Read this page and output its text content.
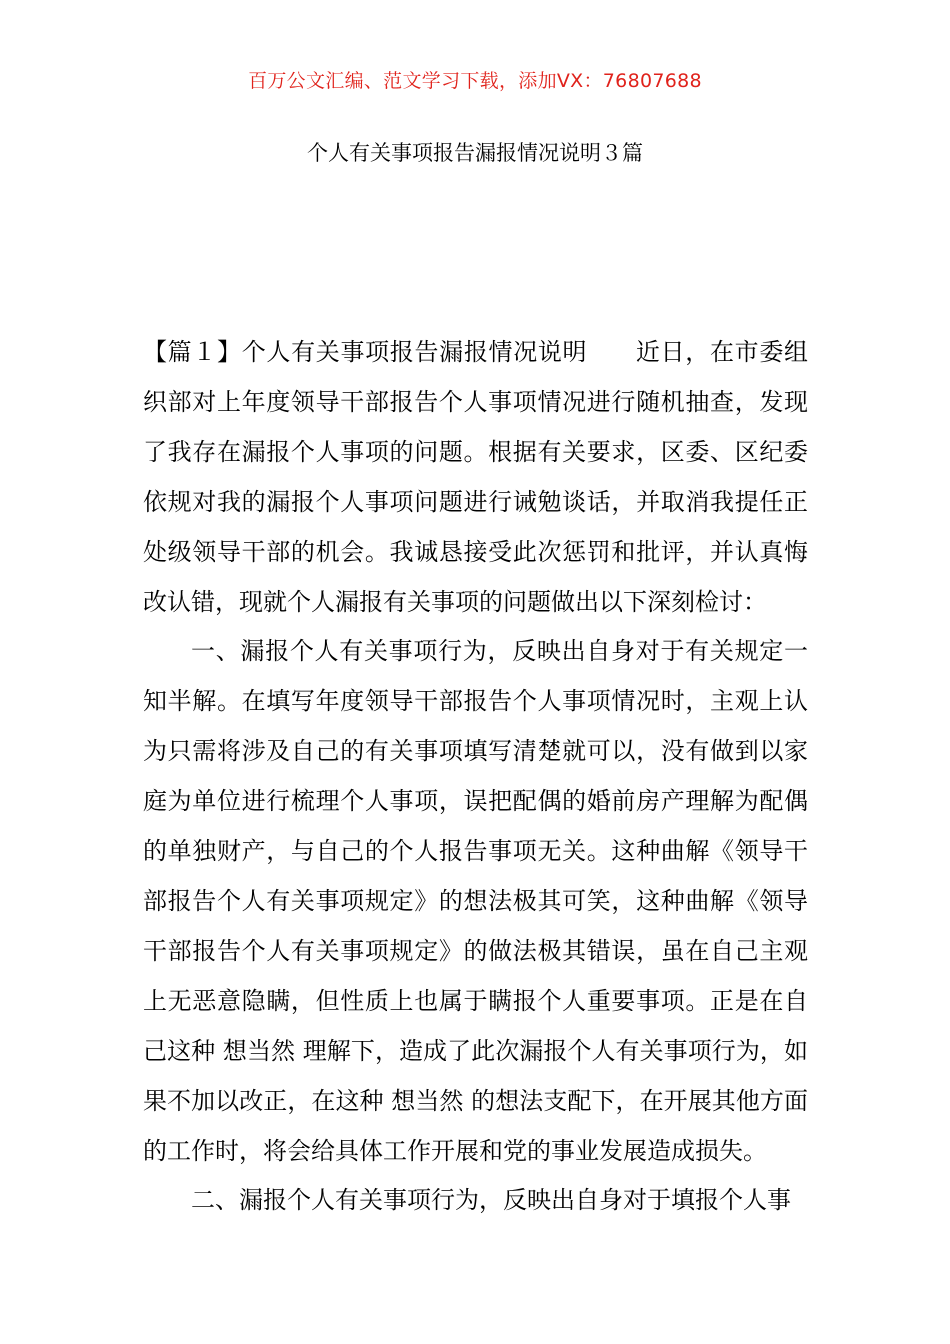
百万公文汇编、范文学习下载，添加VX：76807688
个人有关事项报告漏报情况说明３篇

【篇１】个人有关事项报告漏报情况说明 近日，在市委组织部对上年度领导干部报告个人事项情况进行随机抽查，发现了我存在漏报个人事项的问题。根据有关要求，区委、区纪委依规对我的漏报个人事项问题进行诫勉谈话，并取消我提任正处级领导干部的机会。我诚恳接受此次惩罚和批评，并认真悔改认错，现就个人漏报有关事项的问题做出以下深刻检讨：

一、漏报个人有关事项行为，反映出自身对于有关规定一知半解。在填写年度领导干部报告个人事项情况时，主观上认为只需将涉及自己的有关事项填写清楚就可以，没有做到以家庭为单位进行梳理个人事项，误把配偶的婚前房产理解为配偶的单独财产，与自己的个人报告事项无关。这种曲解《领导干部报告个人有关事项规定》的想法极其可笑，这种曲解《领导干部报告个人有关事项规定》的做法极其错误，虽在自己主观上无恶意隐瞒，但性质上也属于瞒报个人重要事项。正是在自己这种 想当然 理解下，造成了此次漏报个人有关事项行为，如果不加以改正，在这种 想当然 的想法支配下，在开展其他方面的工作时，将会给具体工作开展和党的事业发展造成损失。

二、漏报个人有关事项行为，反映出自身对于填报个人事
